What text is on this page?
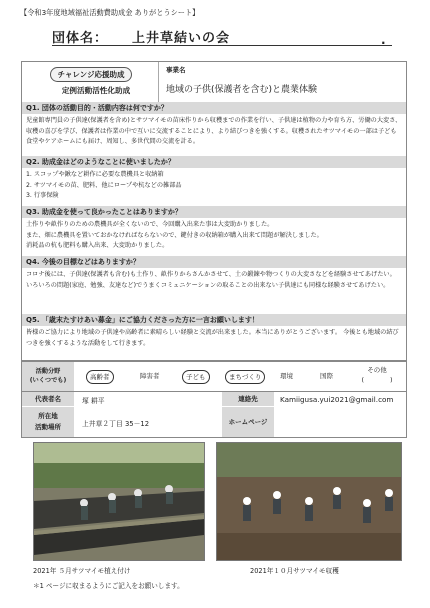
【令和3年度地域福祉活動費助成金 ありがとうシート】
団体名： 上井草結いの会	.
チャレンジ応援助成
定例活動活性化助成
事業名
地域の子供(保護者を含む)と農業体験
Q1. 団体の活動目的・活動内容は何ですか？
児童館専門員の子供達(保護者を含め)とサツマイモの苗床作りから収穫までの作業を行い、子供達は植物の力や育ち方、労働の大変さ、収穫の喜びを学び、保護者は作業の中で互いに交流することにより、より結びつきを強くする。収穫されたサツマイモの一部は子ども食堂やケアホームにも届け、周知し、多世代間の交流を計る。
Q2. 助成金はどのようなことに使いましたか？
1. スコップや鍬など耕作に必要な農機具と収納箱
2. サツマイモの苗、肥料、他にロープや杭などの雑部品
3. 行事保険
Q3. 助成金を使って良かったことはありますか？
土作りや畝作りのための農機具が全くないので、今回購入出来た事は大変助かりました。
また、畑に農機具を置いておかなければならないので、鍵付きの収納箱が購入出来て問題が解決しました。
消耗品の杭も肥料も購入出来、大変助かりました。
Q4. 今後の目標などはありますか？
コロナ後には、子供達(保護者も含む)も土作り、畝作りからさんかさせて、土の鍛錬や物つくりの大変さなどを経験させてあげたい。 いろいろの問題(家庭、勉強、友達など)でうまくコミュニケーションの取ることの出来ない子供達にも同様な経験させてあげたい。
Q5. 「歳末たすけあい募金」にご協力くださった方に一言お願いします！
皆様のご協力により地域の子供達や高齢者に素晴らしい経験と交流が出来ました。本当にありがとうございます。 今後とも地域の結びつきを強くするような活動をして行きます。
活動分野
(いくつでも)	高齢者	障害者	子ども	まちづくり	環境	国際
その他
(　　　　)
代表者名	塚 耕平	連絡先	Kamiigusa.yui2021@gmail.com
所在地
活動場所	上井草２丁目 35－12	ホームページ
2021年 ５月サツマイモ植え付け	2021年１０月サツマイモ収穫
＊1 ページに収まるようにご記入をお願いします。
